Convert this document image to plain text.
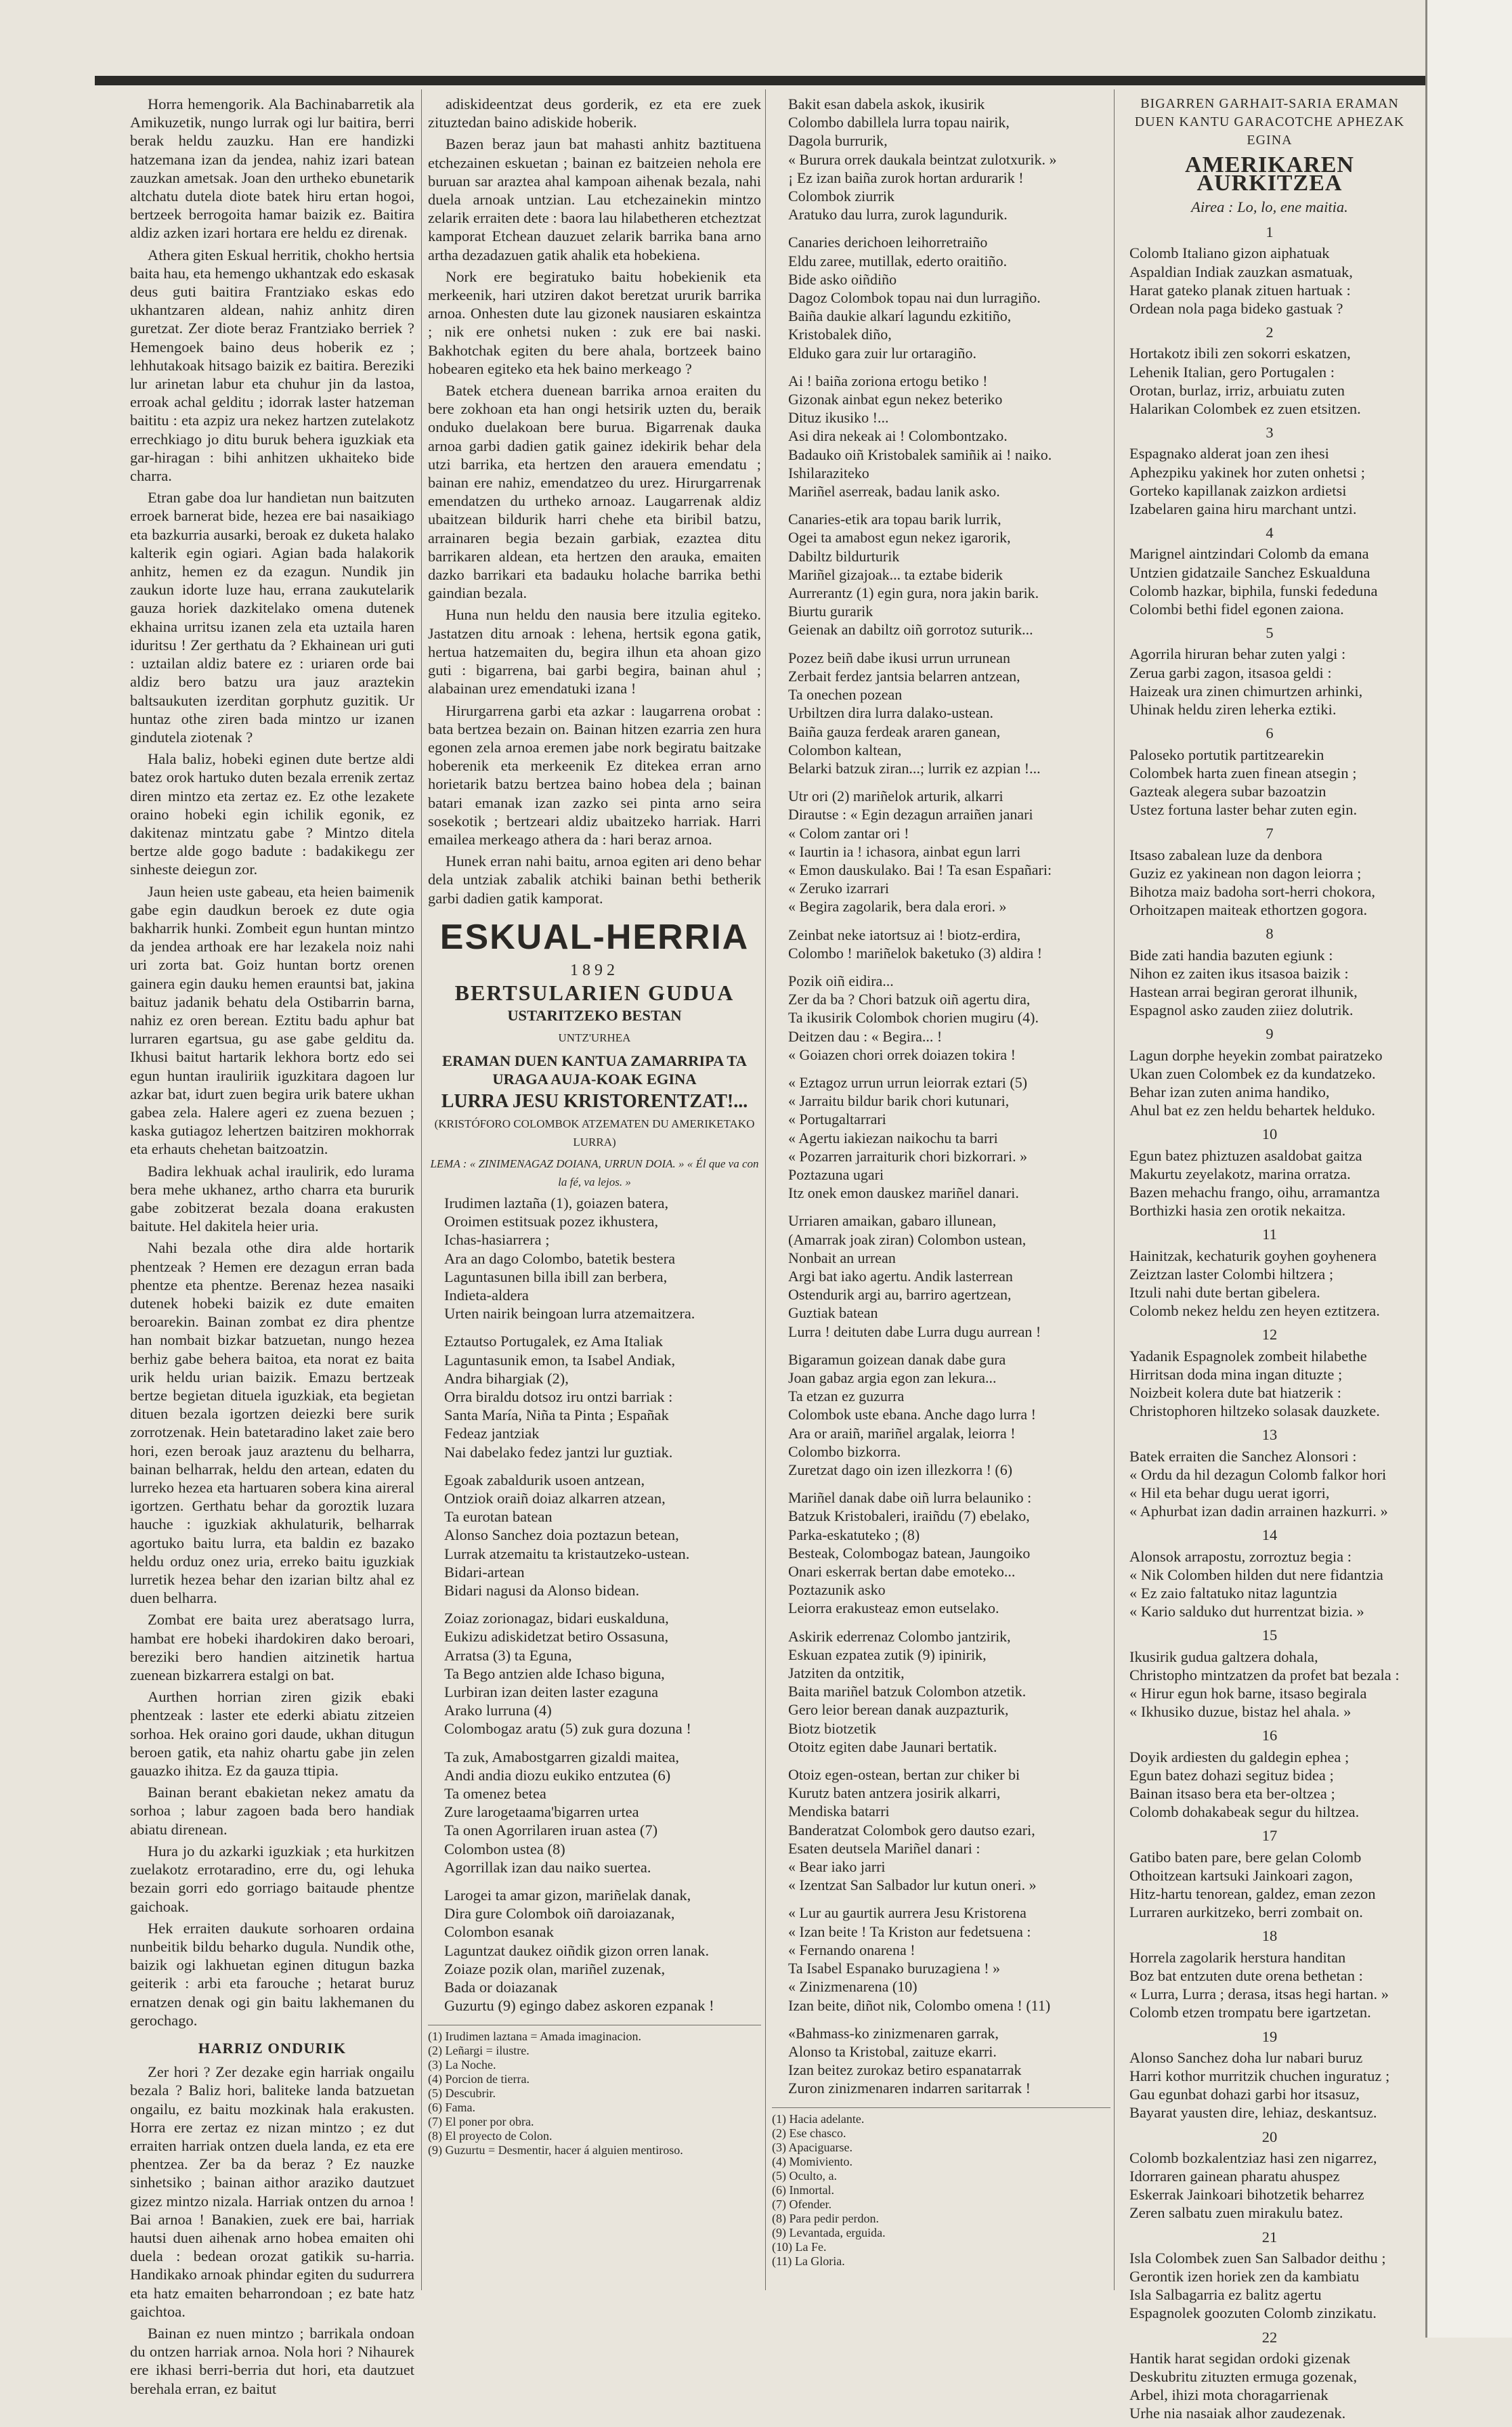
Horra hemengorik. Ala Bachinabarretik ala Amikuzetik, nungo lurrak ogi lur baitira, berri berak heldu zauzku. Han ere handizki hatzemana izan da jendea, nahiz izari batean zauzkan ametsak. Joan den urtheko ebunetarik altchatu dutela diote batek hiru ertan hogoi, bertzeek berrogoita hamar baizik ez. Baitira aldiz azken izari hortara ere heldu ez direnak.

Athera giten Eskual herritik, chokho hertsia baita hau, eta hemengo ukhantzak edo eskasak deus guti baitira Frantziako eskas edo ukhantzaren aldean, nahiz anhitz diren guretzat. Zer diote beraz Frantziako berriek ? Hemengoek baino deus hoberik ez ; lehhutakoak hitsago baizik ez baitira. Bereziki lur arinetan labur eta chuhur jin da lastoa, erroak achal gelditu ; idorrak laster hatzeman baititu : eta azpiz ura nekez hartzen zutelakotz errechkiago jo ditu buruk behera iguzkiak eta gar-hiragan : bihi anhitzen ukhaiteko bide charra.

Etran gabe doa lur handietan nun baitzuten erroek barnerat bide, hezea ere bai nasaikiago eta bazkurria ausarki, beroak ez duketa halako kalterik egin ogiari. Agian bada halakorik anhitz, hemen ez da ezagun. Nundik jin zaukun idorte luze hau, errana zaukutelarik gauza horiek dazkitelako omena dutenek ekhaina urritsu izanen zela eta uztaila haren iduritsu ! Zer gerthatu da ? Ekhainean uri guti : uztailan aldiz batere ez : uriaren orde bai aldiz bero batzu ura jauz araztekin baltsaukuten izerditan gorphutz guzitik. Ur huntaz othe ziren bada mintzo ur izanen gindutela ziotenak ?

Hala baliz, hobeki eginen dute bertze aldi batez orok hartuko duten bezala errenik zertaz diren mintzo eta zertaz ez. Ez othe lezakete oraino hobeki egin ichilik egonik, ez dakitenaz mintzatu gabe ? Mintzo ditela bertze alde gogo badute : badakikegu zer sinheste deiegun zor.

Jaun heien uste gabeau, eta heien baimenik gabe egin daudkun beroek ez dute ogia bakharrik hunki. Zombeit egun huntan mintzo da jendea arthoak ere har lezakela noiz nahi uri zorta bat. Goiz huntan bortz orenen gainera egin dauku hemen erauntsi bat, jakina baituz jadanik behatu dela Ostibarrin barna, nahiz ez oren berean. Eztitu badu aphur bat lurraren egartsua, gu ase gabe gelditu da. Ikhusi baitut hartarik lekhora bortz edo sei egun huntan irauliriik iguzkitara dagoen lur azkar bat, idurt zuen begira urik batere ukhan gabea zela. Halere ageri ez zuena bezuen ; kaska gutiagoz lehertzen baitziren mokhorrak eta erhauts chehetan baitzoatzin.

Badira lekhuak achal iraulirik, edo lurama bera mehe ukhanez, artho charra eta bururik gabe zobitzerat bezala doana erakusten baitute. Hel dakitela heier uria.

Nahi bezala othe dira alde hortarik phentzeak ? Hemen ere dezagun erran bada phentze eta phentze. Berenaz hezea nasaiki dutenek hobeki baizik ez dute emaiten beroarekin. Bainan zombat ez dira phentze han nombait bizkar batzuetan, nungo hezea berhiz gabe behera baitoa, eta norat ez baita urik heldu urian baizik. Emazu bertzeak bertze begietan dituela iguzkiak, eta begietan dituen bezala igortzen deiezki bere surik zorrotzenak. Hein batetaradino laket zaie bero hori, ezen beroak jauz araztenu du belharra, bainan belharrak, heldu den artean, edaten du lurreko hezea eta hartuaren sobera kina aireral igortzen. Gerthatu behar da goroztik luzara hauche : iguzkiak akhulaturik, belharrak agortuko baitu lurra, eta baldin ez bazako heldu orduz onez uria, erreko baitu iguzkiak lurretik hezea behar den izarian biltz ahal ez duen belharra.

Zombat ere baita urez aberatsago lurra, hambat ere hobeki ihardokiren dako beroari, bereziki bero handien aitzinetik hartua zuenean bizkarrera estalgi on bat.

Aurthen horrian ziren gizik ebaki phentzeak : laster ete ederki abiatu zitzeien sorhoa. Hek oraino gori daude, ukhan ditugun beroen gatik, eta nahiz ohartu gabe jin zelen gauazko ihitza. Ez da gauza ttipia.

Bainan berant ebakietan nekez amatu da sorhoa ; labur zagoen bada bero handiak abiatu direnean.

Hura jo du azkarki iguzkiak ; eta hurkitzen zuelakotz errotaradino, erre du, ogi lehuka bezain gorri edo gorriago baitaude phentze gaichoak.

Hek erraiten daukute sorhoaren ordaina nunbeitik bildu beharko dugula. Nundik othe, baizik ogi lakhuetan eginen ditugun bazka geiterik : arbi eta farouche ; hetarat buruz ernatzen denak ogi gin baitu lakhemanen du gerochago.

HARRIZ ONDURIK

Zer hori ? Zer dezake egin harriak ongailu bezala ? Baliz hori, baliteke landa batzuetan ongailu, ez baitu mozkinak hala erakusten. Horra ere zertaz ez nizan mintzo ; ez dut erraiten harriak ontzen duela landa, ez eta ere phentzea. Zer ba da beraz ? Ez nauzke sinhetsiko ; bainan aithor araziko dautzuet gizez mintzo nizala. Harriak ontzen du arnoa ! Bai arnoa ! Banakien, zuek ere bai, harriak hautsi duen aihenak arno hobea emaiten ohi duela : bedean orozat gatikik su-harria. Handikako arnoak phindar egiten du sudurrera eta hatz emaiten beharrondoan ; ez bate hatz gaichtoa.

Bainan ez nuen mintzo ; barrikala ondoan du ontzen harriak arnoa. Nola hori ? Nihaurek ere ikhasi berri-berria dut hori, eta dautzuet berehala erran, ez baitut

adiskideentzat deus gorderik, ez eta ere zuek zituztedan baino adiskide hoberik.

Bazen beraz jaun bat mahasti anhitz baztituena etchezainen eskuetan ; bainan ez baitzeien nehola ere buruan sar araztea ahal kampoan aihenak bezala, nahi duela arnoak untzian. Lau etchezainekin mintzo zelarik erraiten dete : baora lau hilabetheren etcheztzat kamporat Etchean dauzuet zelarik barrika bana arno artha dezadazuen gatik ahalik eta hobekiena.

Nork ere begiratuko baitu hobekienik eta merkeenik, hari utziren dakot beretzat ururik barrika arnoa. Onhesten dute lau gizonek nausiaren eskaintza ; nik ere onhetsi nuken : zuk ere bai naski. Bakhotchak egiten du bere ahala, bortzeek baino hobearen egiteko eta hek baino merkeago ?

Batek etchera duenean barrika arnoa eraiten du bere zokhoan eta han ongi hetsirik uzten du, beraik onduko duelakoan bere burua. Bigarrenak dauka arnoa garbi dadien gatik gainez idekirik behar dela utzi barrika, eta hertzen den arauera emendatu ; bainan ere nahiz, emendatzeo du urez. Hirurgarrenak emendatzen du urtheko arnoaz. Laugarrenak aldiz ubaitzean bildurik harri chehe eta biribil batzu, arrainaren begia bezain garbiak, ezaztea ditu barrikaren aldean, eta hertzen den arauka, emaiten dazko barrikari eta badauku holache barrika bethi gaindian bezala.

Huna nun heldu den nausia bere itzulia egiteko. Jastatzen ditu arnoak : lehena, hertsik egona gatik, hertua hatzemaiten du, begira ilhun eta ahoan gizo guti : bigarrena, bai garbi begira, bainan ahul ; alabainan urez emendatuki izana !

Hirurgarrena garbi eta azkar : laugarrena orobat : bata bertzea bezain on. Bainan hitzen ezarria zen hura egonen zela arnoa eremen jabe nork begiratu baitzake hoberenik eta merkeenik Ez ditekea erran arno horietarik batzu bertzea baino hobea dela ; bainan batari emanak izan zazko sei pinta arno seira sosekotik ; bertzeari aldiz ubaitzeko harriak. Harri emailea merkeago athera da : hari beraz arnoa.

Hunek erran nahi baitu, arnoa egiten ari deno behar dela untziak zabalik atchiki bainan bethi betherik garbi dadien gatik kamporat.

ESKUAL-HERRIA
1892
BERTSULARIEN GUDUA
USTARITZEKO BESTAN
UNTZ'URHEA
ERAMAN DUEN KANTUA ZAMARRIPA TA URAGA AUJA-KOAK EGINA
LURRA JESU KRISTORENTZAT!...
(KRISTÓFORO COLOMBOK ATZEMATEN DU AMERIKETAKO LURRA)
LEMA : « ZINIMENAGAZ DOIANA, URRUN DOIA. » « Él que va con la fé, va lejos. »
Irudimen laztaña (1), goiazen batera,
Oroimen estitsuak pozez ikhustera,
Ichas-hasiarrera ;
Ara an dago Colombo, batetik bestera
Laguntasunen billa ibill zan berbera,
Indieta-aldera
Urten nairik beingoan lurra atzemaitzera.
Eztautso Portugalek, ez Ama Italiak
Laguntasunik emon, ta Isabel Andiak,
Andra bihargiak (2),
Orra biraldu dotsoz iru ontzi barriak :
Santa María, Niña ta Pinta ; Españak
Fedeaz jantziak
Nai dabelako fedez jantzi lur guztiak.
Egoak zabaldurik usoen antzean,
Ontziok oraiñ doiaz alkarren atzean,
Ta eurotan batean
Alonso Sanchez doia poztazun betean,
Lurrak atzemaitu ta kristautzeko-ustean.
Bidari-artean
Bidari nagusi da Alonso bidean.
Zoiaz zorionagaz, bidari euskalduna,
Eukizu adiskidetzat betiro Ossasuna,
Arratsa (3) ta Eguna,
Ta Bego antzien alde Ichaso biguna,
Lurbiran izan deiten laster ezaguna
Arako lurruna (4)
Colombogaz aratu (5) zuk gura dozuna !
Ta zuk, Amabostgarren gizaldi maitea,
Andi andia diozu eukiko entzutea (6)
Ta omenez betea
Zure larogetaama'bigarren urtea
Ta onen Agorrilaren iruan asteа (7)
Colombon ustea (8)
Agorrillak izan dau naiko suertea.
Larogei ta amar gizon, mariñelak danak,
Dira gure Colombok oiñ daroiazanak,
Colombon esanak
Laguntzat daukez oiñdik gizon orren lanak.
Zoiaze pozik olan, mariñel zuzenak,
Bada or doiazanak
Guzurtu (9) egingo dabez askoren ezpanak !
(1) Irudimen laztana = Amada imaginacion.
(2) Leñargi = ilustre.
(3) La Noche.
(4) Porcion de tierra.
(5) Descubrir.
(6) Fama.
(7) El poner por obra.
(8) El proyecto de Colon.
(9) Guzurtu = Desmentir, hacer á alguien mentiroso.
Bakit esan dabela askok, ikusirik
Colombo dabillela lurra topau nairik,
Dagola burrurik,
« Burura orrek daukala beintzat zulotxurik. »
¡ Ez izan baiña zurok hortan ardurarik !
Colombok ziurrik
Aratuko dau lurra, zurok lagundurik.
Canaries derichoen leihorretraiño
Eldu zaree, mutillak, ederto oraitiño.
Bide asko oiñdiño
Dagoz Colombok topau nai dun lurragiño.
Baiña daukie alkarí lagundu ezkitiño,
Kristobalek diño,
Elduko gara zuir lur ortaragiño.
Ai ! baiña zoriona ertogu betiko !
Gizonak ainbat egun nekez beteriko
Dituz ikusiko !...
Asi dira nekeak ai ! Colombontzako.
Badauko oiñ Kristobalek samiñik ai ! naiko.
Ishilaraziteko
Mariñel aserreak, badau lanik asko.
Canaries-etik ara topau barik lurrik,
Ogei ta amabost egun nekez igarorik,
Dabiltz bildurturik
Mariñel gizajoak... ta eztabe biderik
Aurrerantz (1) egin gura, nora jakin barik.
Biurtu gurarik
Geienak an dabiltz oiñ gorrotoz suturik...
Pozez beiñ dabe ikusi urrun urrunean
Zerbait ferdez jantsia belarren antzean,
Ta onechen pozean
Urbiltzen dira lurra dalako-ustean.
Baiña gauza ferdeak araren ganean,
Colombon kaltean,
Belarki batzuk ziran...; lurrik ez azpian !...
Utr ori (2) mariñelok arturik, alkarri
Dirautse : « Egin dezagun arraiñen janari
« Colom zantar ori !
« Iaurtin ia ! ichasora, ainbat egun larri
« Emon dauskulako. Bai ! Ta esan Españari:
« Zeruko izarrari
« Begira zagolarik, bera dala erori. »
Zeinbat neke iatortsuz ai ! biotz-erdira,
Colombo ! mariñelok baketuko (3) aldira !
Pozik oiñ eidira...
Zer da ba ? Chori batzuk oiñ agertu dira,
Ta ikusirik Colombok chorien mugiru (4).
Deitzen dau : « Begira... !
« Goiazen chori orrek doiazen tokira !
« Eztagoz urrun urrun leiorrak eztari (5)
« Jarraitu bildur barik chori kutunari,
« Portugaltarrari
« Agertu iakiezan naikochu ta barri
« Pozarren jarraiturik chori bizkorrari. »
Poztazuna ugari
Itz onek emon dauskez mariñel danari.
Urriaren amaikan, gabaro illunean,
(Amarrak joak ziran) Colombon ustean,
Nonbait an urrean
Argi bat iako agertu. Andik lasterrean
Ostendurik argi au, barriro agertzean,
Guztiak batean
Lurra ! deituten dabe Lurra dugu aurrean !
Bigaramun goizean danak dabe gura
Joan gabaz argia egon zan lekura...
Ta etzan ez guzurra
Colombok uste ebana. Anche dago lurra !
Ara or araiñ, mariñel argalak, leiorra !
Colombo bizkorra.
Zuretzat dago oin izen illezkorra ! (6)
Mariñel danak dabe oiñ lurra belauniko :
Batzuk Kristobaleri, iraiñdu (7) ebelako,
Parka-eskatuteko ; (8)
Besteak, Colombogaz batean, Jaungoiko
Onari eskerrak bertan dabe emoteko...
Poztazunik asko
Leiorra erakusteaz emon eutselako.
Askirik ederrenaz Colombo jantzirik,
Eskuan ezpatea zutik (9) ipinirik,
Jatziten da ontzitik,
Baita mariñel batzuk Colombon atzetik.
Gero leior berean danak auzpazturik,
Biotz biotzetik
Otoitz egiten dabe Jaunari bertatik.
Otoiz egen-ostean, bertan zur chiker bi
Kurutz baten antzera josirik alkarri,
Mendiska batarri
Banderatzat Colombok gero dautso ezari,
Esaten deutsela Mariñel danari :
« Bear iako jarri
« Izentzat San Salbador lur kutun oneri. »
« Lur au gaurtik aurrera Jesu Kristorena
« Izan beite ! Ta Kriston aur fedetsuena :
« Fernando onarena !
Ta Isabel Espanako buruzagiena ! »
« Zinizmenarena (10)
Izan beite, diñot nik, Colombo omena ! (11)
«Bahmass-ko zinizmenaren garrak,
Alonso ta Kristobal, zaituze ekarri.
Izan beitez zurokaz betiro espanatarrak
Zuron zinizmenaren indarren saritarrak !
(1) Hacia adelante.
(2) Ese chasco.
(3) Apaciguarse.
(4) Momiviento.
(5) Oculto, a.
(6) Inmortal.
(7) Ofender.
(8) Para pedir perdon.
(9) Levantada, erguida.
(10) La Fe.
(11) La Gloria.
BIGARREN GARHAIT-SARIA ERAMAN DUEN KANTU GARACOTCHE APHEZAK EGINA
AMERIKAREN AURKITZEA
Airea : Lo, lo, ene maitia.
1
Colomb Italiano gizon aiphatuak
Aspaldian Indiak zauzkan asmatuak,
Harat gateko planak zituen hartuak :
Ordean nola paga bideko gastuak ?
2
Hortakotz ibili zen sokorri eskatzen,
Lehenik Italian, gero Portugalen :
Orotan, burlaz, irriz, arbuiatu zuten
Halarikan Colombek ez zuen etsitzen.
3
Espagnako alderat joan zen ihesi
Aphezpiku yakinek hor zuten onhetsi ;
Gorteko kapillanak zaizkon ardietsi
Izabelaren gaina hiru marchant untzi.
4
Marignel aintzindari Colomb da emana
Untzien gidatzaile Sanchez Eskualduna
Colomb hazkar, biphila, funski fededuna
Colombi bethi fidel egonen zaiona.
5
Agorrila hiruran behar zuten yalgi :
Zerua garbi zagon, itsasoa geldi :
Haizeak ura zinen chimurtzen arhinki,
Uhinak heldu ziren leherka eztiki.
6
Paloseko portutik partitzearekin
Colombek harta zuen finean atsegin ;
Gazteak alegera subar bazoatzin
Ustez fortuna laster behar zuten egin.
7
Itsaso zabalean luze da denbora
Guziz ez yakinean non dagon leiorra ;
Bihotza maiz badoha sort-herri chokora,
Orhoitzapen maiteak ethortzen gogora.
8
Bide zati handia bazuten egiunk :
Nihon ez zaiten ikus itsasoa baizik :
Hastean arrai begiran gerorat ilhunik,
Espagnol asko zauden ziiez dolutrik.
9
Lagun dorphe heyekin zombat pairatzeko
Ukan zuen Colombek ez da kundatzeko.
Behar izan zuten anima handiko,
Ahul bat ez zen heldu behartek helduko.
10
Egun batez phiztuzen asaldobat gaitza
Makurtu zeyelakotz, marina orratza.
Bazen mehachu frango, oihu, arramantza
Borthizki hasia zen orotik nekaitza.
11
Hainitzak, kechaturik goyhen goyhenera
Zeiztzan laster Colombi hiltzera ;
Itzuli nahi dute bertan gibelera.
Colomb nekez heldu zen heyen eztitzera.
12
Yadanik Espagnolek zombeit hilabethe
Hirritsan doda mina ingan dituzte ;
Noizbeit kolera dute bat hiatzerik :
Christophoren hiltzeko solasak dauzkete.
13
Batek erraiten die Sanchez Alonsori :
« Ordu da hil dezagun Colomb falkor hori
« Hil eta behar dugu uerat igorri,
« Aphurbat izan dadin arrainen hazkurri. »
14
Alonsok arrapostu, zorroztuz begia :
« Nik Colomben hilden dut nere fidantzia
« Ez zaio faltatuko nitaz laguntzia
« Kario salduko dut hurrentzat bizia. »
15
Ikusirik gudua galtzera dohala,
Christopho mintzatzen da profet bat bezala :
« Hirur egun hok barne, itsaso begirala
« Ikhusiko duzue, bistaz hel ahala. »
16
Doyik ardiesten du galdegin ephea ;
Egun batez dohazi segituz bidea ;
Bainan itsaso bera eta ber-oltzea ;
Colomb dohakabeak segur du hiltzea.
17
Gatibo baten pare, bere gelan Colomb
Othoitzean kartsuki Jainkoari zagon,
Hitz-hartu tenorean, galdez, eman zezon
Lurraren aurkitzeko, berri zombait on.
18
Horrela zagolarik herstura handitan
Boz bat entzuten dute orena bethetan :
« Lurra, Lurra ; derasa, itsas hegi hartan. »
Colomb etzen trompatu bere igartzetan.
19
Alonso Sanchez doha lur nabari buruz
Harri kothor murritzik chuchen inguratuz ;
Gau egunbat dohazi garbi hor itsasuz,
Bayarat yausten dire, lehiaz, deskantsuz.
20
Colomb bozkalentziaz hasi zen nigarrez,
Idorraren gainean pharatu ahuspez
Eskerrak Jainkoari bihotzetik beharrez
Zeren salbatu zuen mirakulu batez.
21
Isla Colombek zuen San Salbador deithu ;
Gerontik izen horiek zen da kambiatu
Isla Salbagarria ez balitz agertu
Espagnolek goozuten Colomb zinzikatu.
22
Hantik harat segidan ordoki gizenak
Deskubritu zituzten ermuga gozenak,
Arbel, ihizi mota choragarrienak
Urhe nia nasaiak alhor zaudezenak.
